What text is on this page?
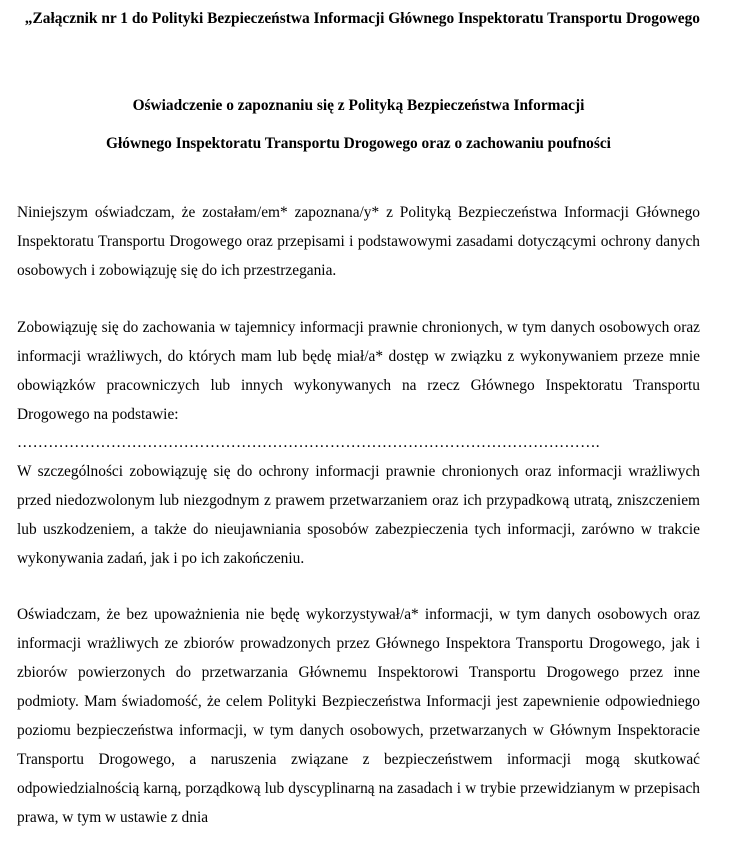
„Załącznik nr 1 do Polityki Bezpieczeństwa Informacji Głównego Inspektoratu Transportu Drogowego

Oświadczenie o zapoznaniu się z Polityką Bezpieczeństwa Informacji

Głównego Inspektoratu Transportu Drogowego oraz o zachowaniu poufności

Niniejszym oświadczam, że zostałam/em* zapoznana/y* z Polityką Bezpieczeństwa Informacji Głównego Inspektoratu Transportu Drogowego oraz przepisami i podstawowymi zasadami dotyczącymi ochrony danych osobowych i zobowiązuję się do ich przestrzegania.

Zobowiązuję się do zachowania w tajemnicy informacji prawnie chronionych, w tym danych osobowych oraz informacji wrażliwych, do których mam lub będę miał/a* dostęp w związku z wykonywaniem przeze mnie obowiązków pracowniczych lub innych wykonywanych na rzecz Głównego Inspektoratu Transportu Drogowego na podstawie:

………………………………………………………………………………………………….

W szczególności zobowiązuję się do ochrony informacji prawnie chronionych oraz informacji wrażliwych przed niedozwolonym lub niezgodnym z prawem przetwarzaniem oraz ich przypadkową utratą, zniszczeniem lub uszkodzeniem, a także do nieujawniania sposobów zabezpieczenia tych informacji, zarówno w trakcie wykonywania zadań, jak i po ich zakończeniu.

Oświadczam, że bez upoważnienia nie będę wykorzystywał/a* informacji, w tym danych osobowych oraz informacji wrażliwych ze zbiorów prowadzonych przez Głównego Inspektora Transportu Drogowego, jak i zbiorów powierzonych do przetwarzania Głównemu Inspektorowi Transportu Drogowego przez inne podmioty. Mam świadomość, że celem Polityki Bezpieczeństwa Informacji jest zapewnienie odpowiedniego poziomu bezpieczeństwa informacji, w tym danych osobowych, przetwarzanych w Głównym Inspektoracie Transportu Drogowego, a naruszenia związane z bezpieczeństwem informacji mogą skutkować odpowiedzialnością karną, porządkową lub dyscyplinarną na zasadach i w trybie przewidzianym w przepisach prawa, w tym w ustawie z dnia
